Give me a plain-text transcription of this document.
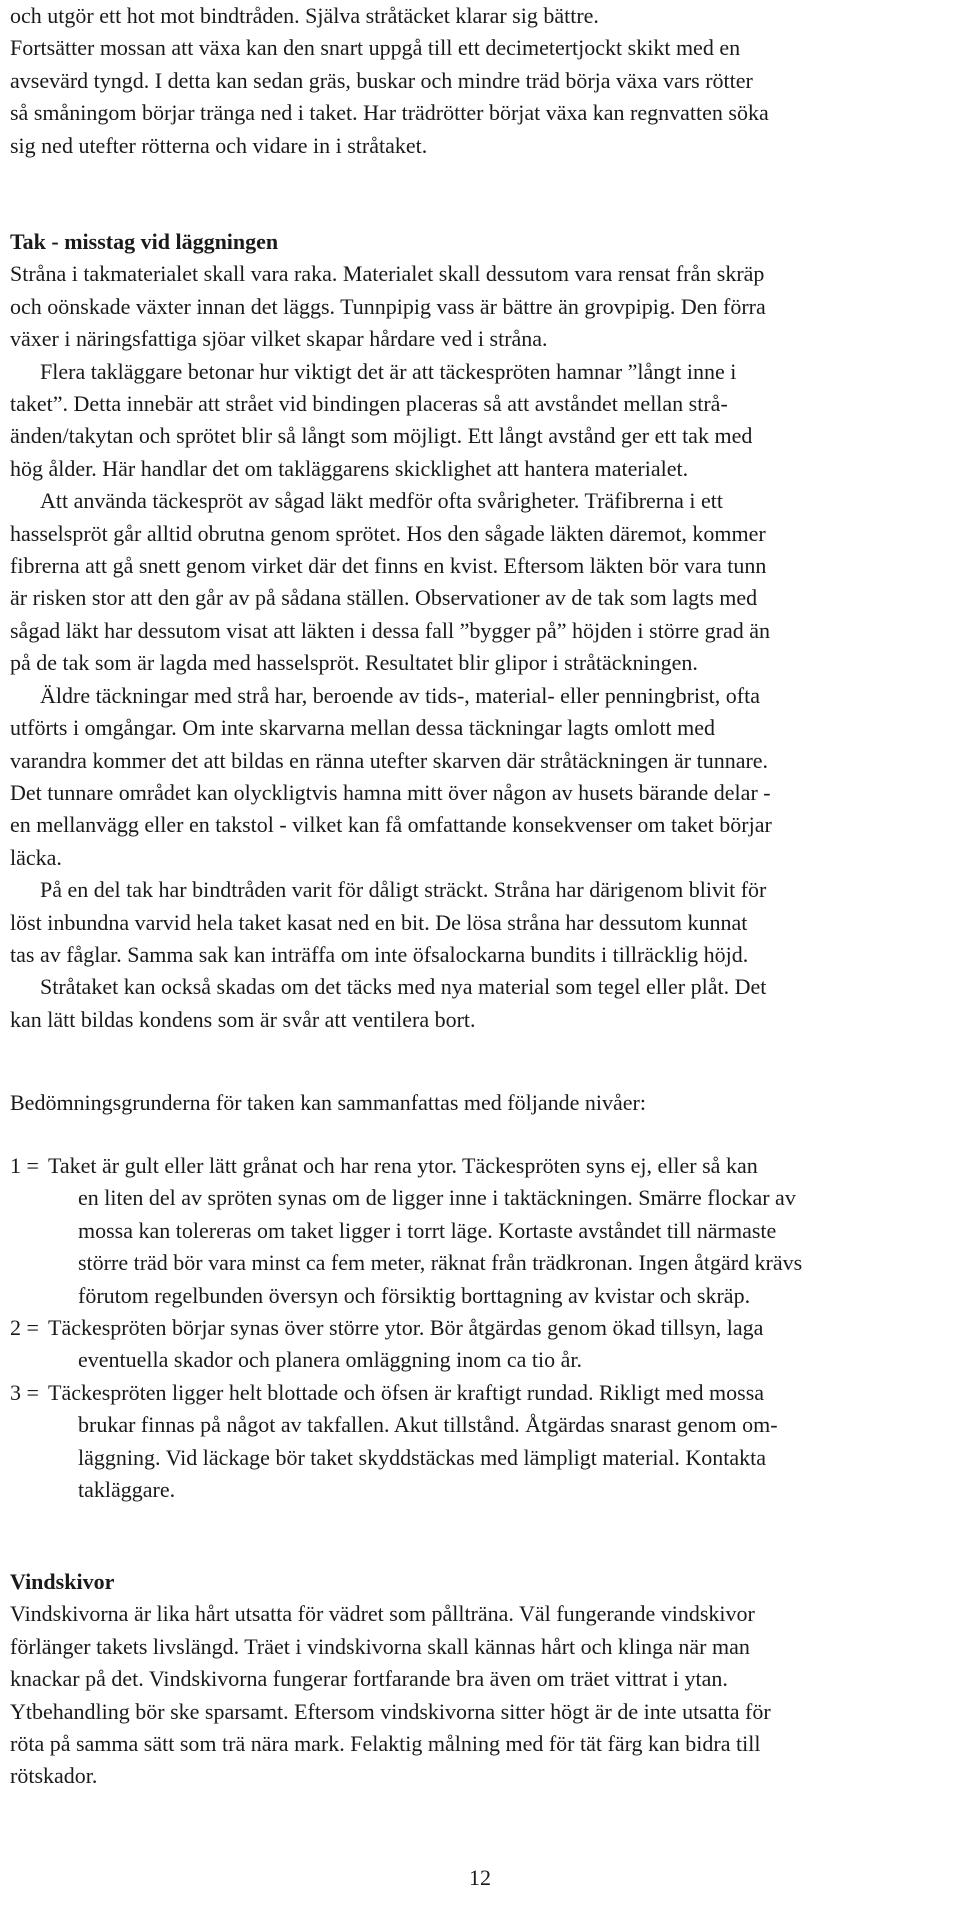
och utgör ett hot mot bindtråden. Själva stråtäcket klarar sig bättre.
Fortsätter mossan att växa kan den snart uppgå till ett decimetertjockt skikt med en
avsevärd tyngd. I detta kan sedan gräs, buskar och mindre träd börja växa vars rötter
så småningom börjar tränga ned i taket. Har trädrötter börjat växa kan regnvatten söka
sig ned utefter rötterna och vidare in i stråtaket.
Tak - misstag vid läggningen
Stråna i takmaterialet skall vara raka. Materialet skall dessutom vara rensat från skräp
och oönskade växter innan det läggs. Tunnpipig vass är bättre än grovpipig. Den förra
växer i näringsfattiga sjöar vilket skapar hårdare ved i stråna.
Flera takläggare betonar hur viktigt det är att täckespröten hamnar ”långt inne i
taket”. Detta innebär att strået vid bindingen placeras så att avståndet mellan strå-
änden/takytan och sprötet blir så långt som möjligt. Ett långt avstånd ger ett tak med
hög ålder. Här handlar det om takläggarens skicklighet att hantera materialet.
Att använda täckespröt av sågad läkt medför ofta svårigheter. Träfibrerna i ett
hasselspröt går alltid obrutna genom sprötet. Hos den sågade läkten däremot, kommer
fibrerna att gå snett genom virket där det finns en kvist. Eftersom läkten bör vara tunn
är risken stor att den går av på sådana ställen. Observationer av de tak som lagts med
sågad läkt har dessutom visat att läkten i dessa fall ”bygger på” höjden i större grad än
på de tak som är lagda med hasselspröt. Resultatet blir glipor i stråtäckningen.
Äldre täckningar med strå har, beroende av tids-, material- eller penningbrist, ofta
utförts i omgångar. Om inte skarvarna mellan dessa täckningar lagts omlott med
varandra kommer det att bildas en ränna utefter skarven där stråtäckningen är tunnare.
Det tunnare området kan olyckligtvis hamna mitt över någon av husets bärande delar -
en mellanvägg eller en takstol - vilket kan få omfattande konsekvenser om taket börjar
läcka.
På en del tak har bindtråden varit för dåligt sträckt. Stråna har därigenom blivit för
löst inbundna varvid hela taket kasat ned en bit. De lösa stråna har dessutom kunnat
tas av fåglar. Samma sak kan inträffa om inte öfsalockarna bundits i tillräcklig höjd.
Stråtaket kan också skadas om det täcks med nya material som tegel eller plåt. Det
kan lätt bildas kondens som är svår att ventilera bort.
Bedömningsgrunderna för taken kan sammanfattas med följande nivåer:
1 = Taket är gult eller lätt grånat och har rena ytor. Täckespröten syns ej, eller så kan
en liten del av spröten synas om de ligger inne i taktäckningen. Smärre flockar av
mossa kan tolereras om taket ligger i torrt läge. Kortaste avståndet till närmaste
större träd bör vara minst ca fem meter, räknat från trädkronan. Ingen åtgärd krävs
förutom regelbunden översyn och försiktig borttagning av kvistar och skräp.
2 = Täckespröten börjar synas över större ytor. Bör åtgärdas genom ökad tillsyn, laga
eventuella skador och planera omläggning inom ca tio år.
3 = Täckespröten ligger helt blottade och öfsen är kraftigt rundad. Rikligt med mossa
brukar finnas på något av takfallen. Akut tillstånd. Åtgärdas snarast genom om-
läggning. Vid läckage bör taket skyddstäckas med lämpligt material. Kontakta
takläggare.
Vindskivor
Vindskivorna är lika hårt utsatta för vädret som pållträna. Väl fungerande vindskivor
förlänger takets livslängd. Träet i vindskivorna skall kännas hårt och klinga när man
knackar på det. Vindskivorna fungerar fortfarande bra även om träet vittrat i ytan.
Ytbehandling bör ske sparsamt. Eftersom vindskivorna sitter högt är de inte utsatta för
röta på samma sätt som trä nära mark. Felaktig målning med för tät färg kan bidra till
rötskador.
12
